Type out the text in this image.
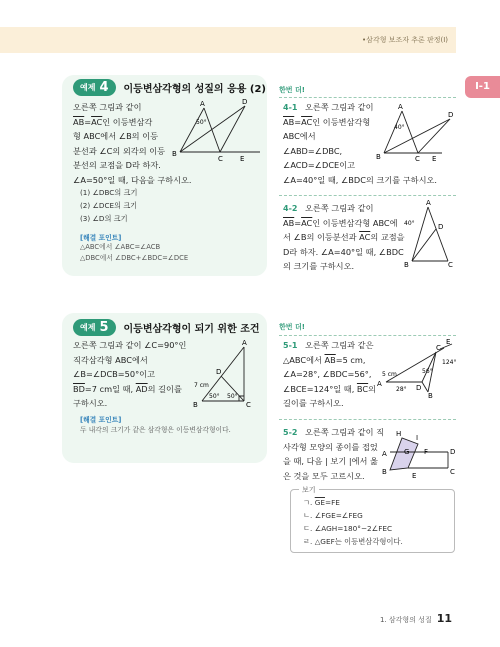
•삼각형 보조자 추론 판정(I)
Ⅰ-1
예제 4 이등변삼각형의 성질의 응용 (2)
오른쪽 그림과 같이
$\overline{AB}=\overline{AC}$인 이등변삼각
형 ABC에서 ∠B의 이등
분선과 ∠C의 외각의 이등
분선의 교점을 D라 하자.
∠A=50°일 때, 다음을 구하시오.
(1) ∠DBC의 크기
(2) ∠DCE의 크기
(3) ∠D의 크기
[해결 포인트]
△ABC에서 ∠ABC=∠ACB
△DBC에서 ∠DBC+∠BDC=∠DCE
A	D
B
C E
50°
한번 더!
4-1 오른쪽 그림과 같이
$\overline{AB}=\overline{AC}$인 이등변삼각형
ABC에서
∠ABD=∠DBC,
∠ACD=∠DCE이고
∠A=40°일 때, ∠BDC의 크기를 구하시오.
A
D
B	C E
40°
4-2 오른쪽 그림과 같이
$\overline{AB}=\overline{AC}$인 이등변삼각형 ABC에
서 ∠B의 이등분선과 $\overline{AC}$의 교점을
D라 하자. ∠A=40°일 때, ∠BDC
의 크기를 구하시오.
A
D
B	C
40°
예제 5 이등변삼각형이 되기 위한 조건
오른쪽 그림과 같이 ∠C=90°인
직각삼각형 ABC에서
∠B=∠DCB=50°이고
$\overline{BD}=7$ cm일 때, $\overline{AD}$의 길이를
구하시오.
[해결 포인트]
두 내각의 크기가 같은 삼각형은 이등변삼각형이다.
A
D
B	C
7 cm
50° 50°
한번 더!
5-1 오른쪽 그림과 같은
△ABC에서 $\overline{AB}=5$ cm,
∠A=28°, ∠BDC=56°,
∠BCE=124°일 때, $\overline{BC}$의
길이를 구하시오.
A	D
B
C
E
5 cm
28°
56°
124°
5-2 오른쪽 그림과 같이 직
사각형 모양의 종이를 접었
을 때, 다음 | 보기 |에서 옳
은 것을 모두 고르시오.
H I
A G F	D
B	E	C
보기
ㄱ. $\overline{GE}=FE$
ㄴ. ∠FGE=∠FEG
ㄷ. ∠AGH=180°−2∠FEC
ㄹ. △GEF는 이등변삼각형이다.
1. 삼각형의 성질 11
